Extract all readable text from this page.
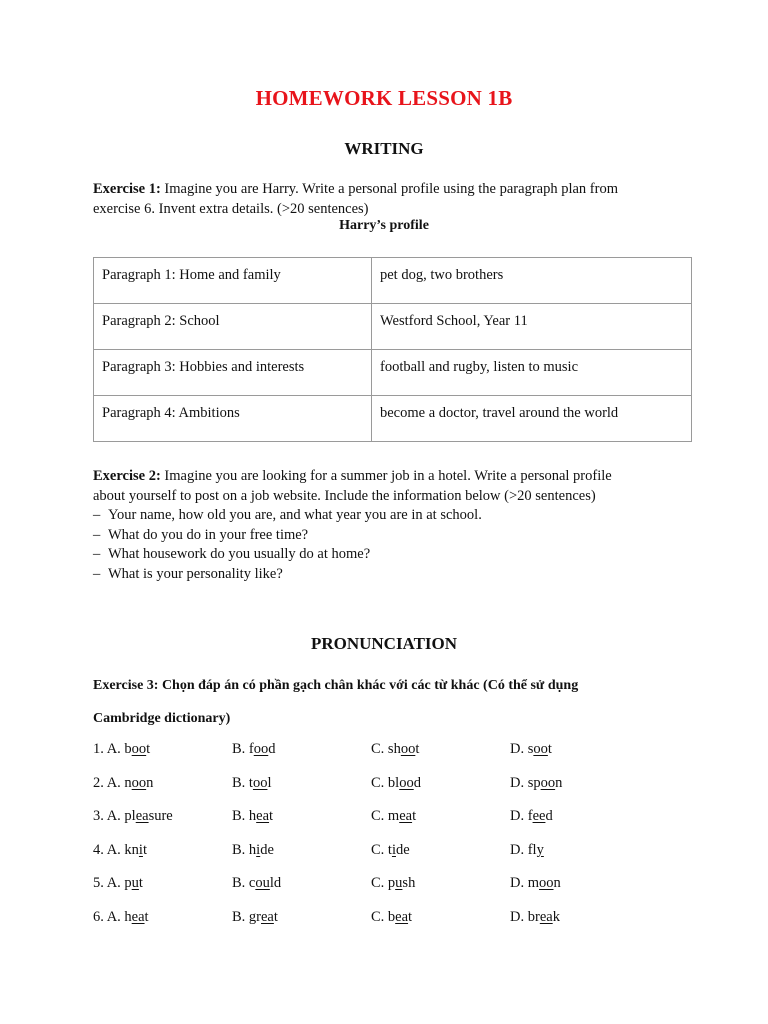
HOMEWORK LESSON 1B
WRITING
Exercise 1: Imagine you are Harry. Write a personal profile using the paragraph plan from
exercise 6. Invent extra details. (>20 sentences)
Harry’s profile
Paragraph 1: Home and family	pet dog, two brothers
Paragraph 2: School	Westford School, Year 11
Paragraph 3: Hobbies and interests	football and rugby, listen to music
Paragraph 4: Ambitions	become a doctor, travel around the world
Exercise 2: Imagine you are looking for a summer job in a hotel. Write a personal profile
about yourself to post on a job website. Include the information below (>20 sentences)
– Your name, how old you are, and what year you are in at school.
– What do you do in your free time?
– What housework do you usually do at home?
– What is your personality like?
PRONUNCIATION
Exercise 3: Chọn đáp án có phần gạch chân khác với các từ khác (Có thể sử dụng
Cambridge dictionary)
1. A. boot	B. food	C. shoot	D. soot
2. A. noon	B. tool	C. blood	D. spoon
3. A. pleasure	B. heat	C. meat	D. feed
4. A. knit	B. hide	C. tide	D. fly
5. A. put	B. could	C. push	D. moon
6. A. heat	B. great	C. beat	D. break
